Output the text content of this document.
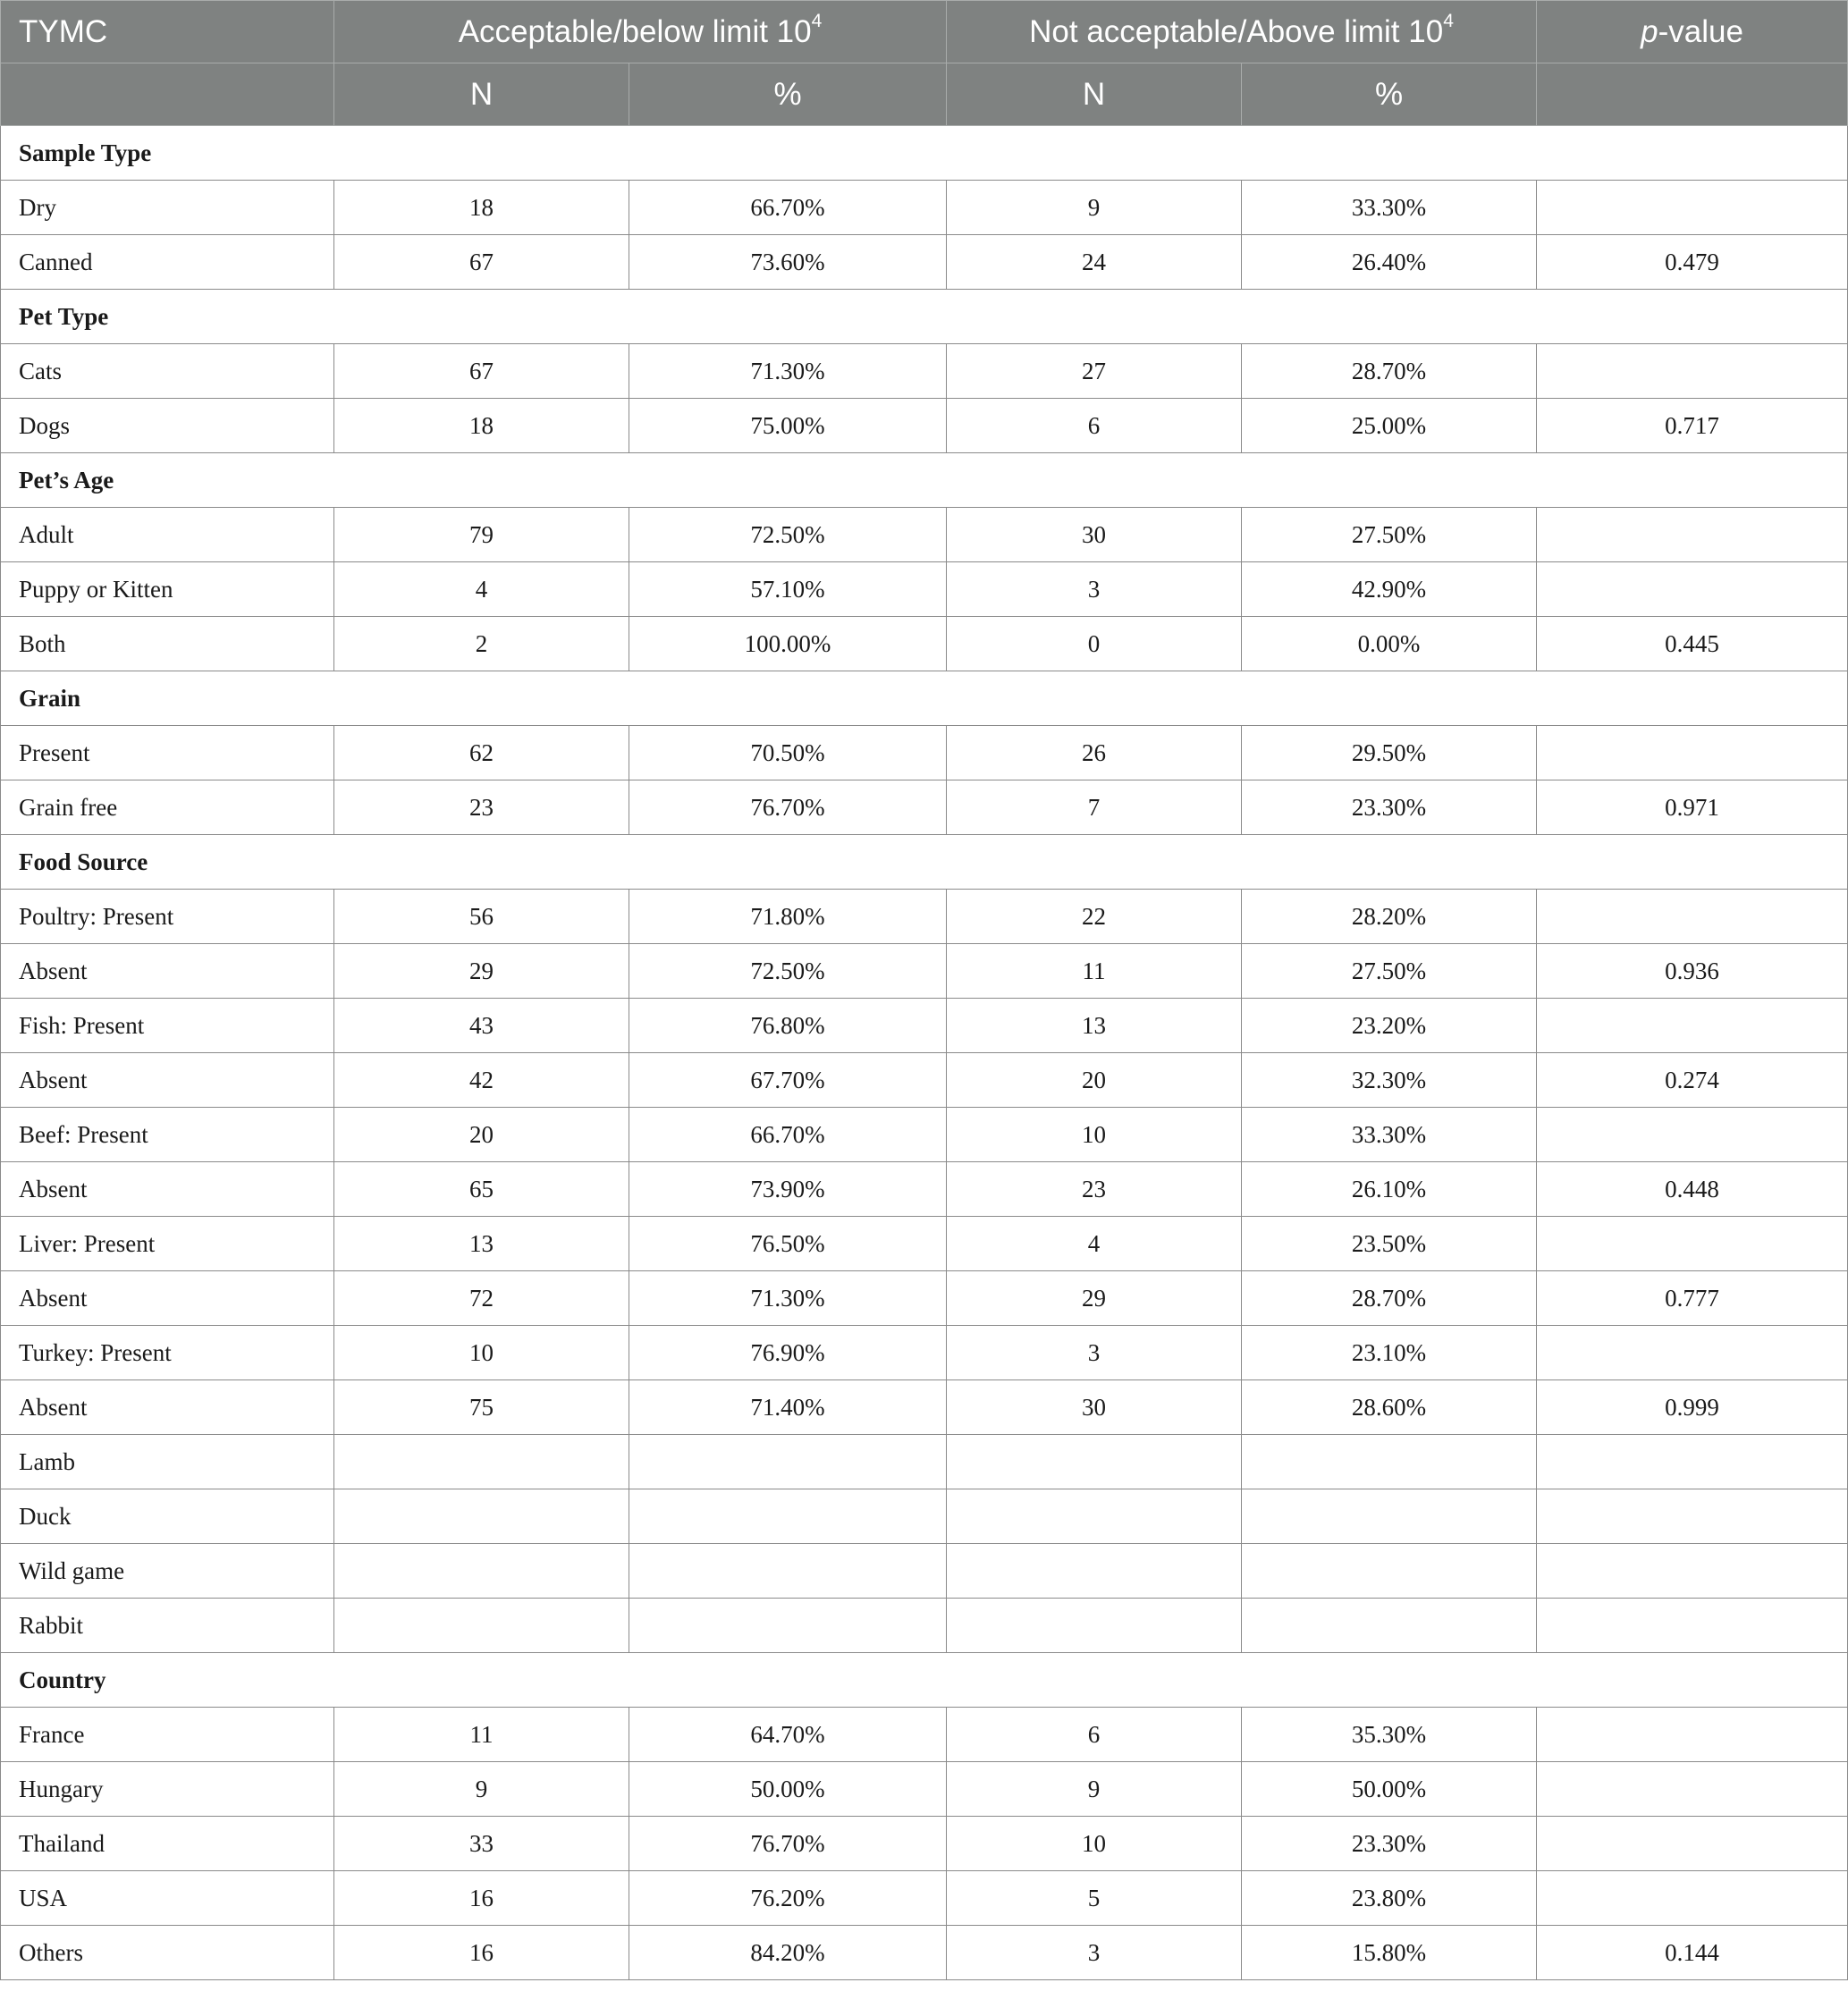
TYMC	Acceptable/below limit $10^4$		Not acceptable/Above limit $10^4$		p-value
	N	%	N	%	
Sample Type					
Dry	18	66.70%	9	33.30%	
Canned	67	73.60%	24	26.40%	0.479
Pet Type					
Cats	67	71.30%	27	28.70%	
Dogs	18	75.00%	6	25.00%	0.717
Pet’s Age					
Adult	79	72.50%	30	27.50%	
Puppy or Kitten	4	57.10%	3	42.90%	
Both	2	100.00%	0	0.00%	0.445
Grain					
Present	62	70.50%	26	29.50%	
Grain free	23	76.70%	7	23.30%	0.971
Food Source					
Poultry: Present	56	71.80%	22	28.20%	
Absent	29	72.50%	11	27.50%	0.936
Fish: Present	43	76.80%	13	23.20%	
Absent	42	67.70%	20	32.30%	0.274
Beef: Present	20	66.70%	10	33.30%	
Absent	65	73.90%	23	26.10%	0.448
Liver: Present	13	76.50%	4	23.50%	
Absent	72	71.30%	29	28.70%	0.777
Turkey: Present	10	76.90%	3	23.10%	
Absent	75	71.40%	30	28.60%	0.999
Lamb					
Duck					
Wild game					
Rabbit					
Country					
France	11	64.70%	6	35.30%	
Hungary	9	50.00%	9	50.00%	
Thailand	33	76.70%	10	23.30%	
USA	16	76.20%	5	23.80%	
Others	16	84.20%	3	15.80%	0.144
